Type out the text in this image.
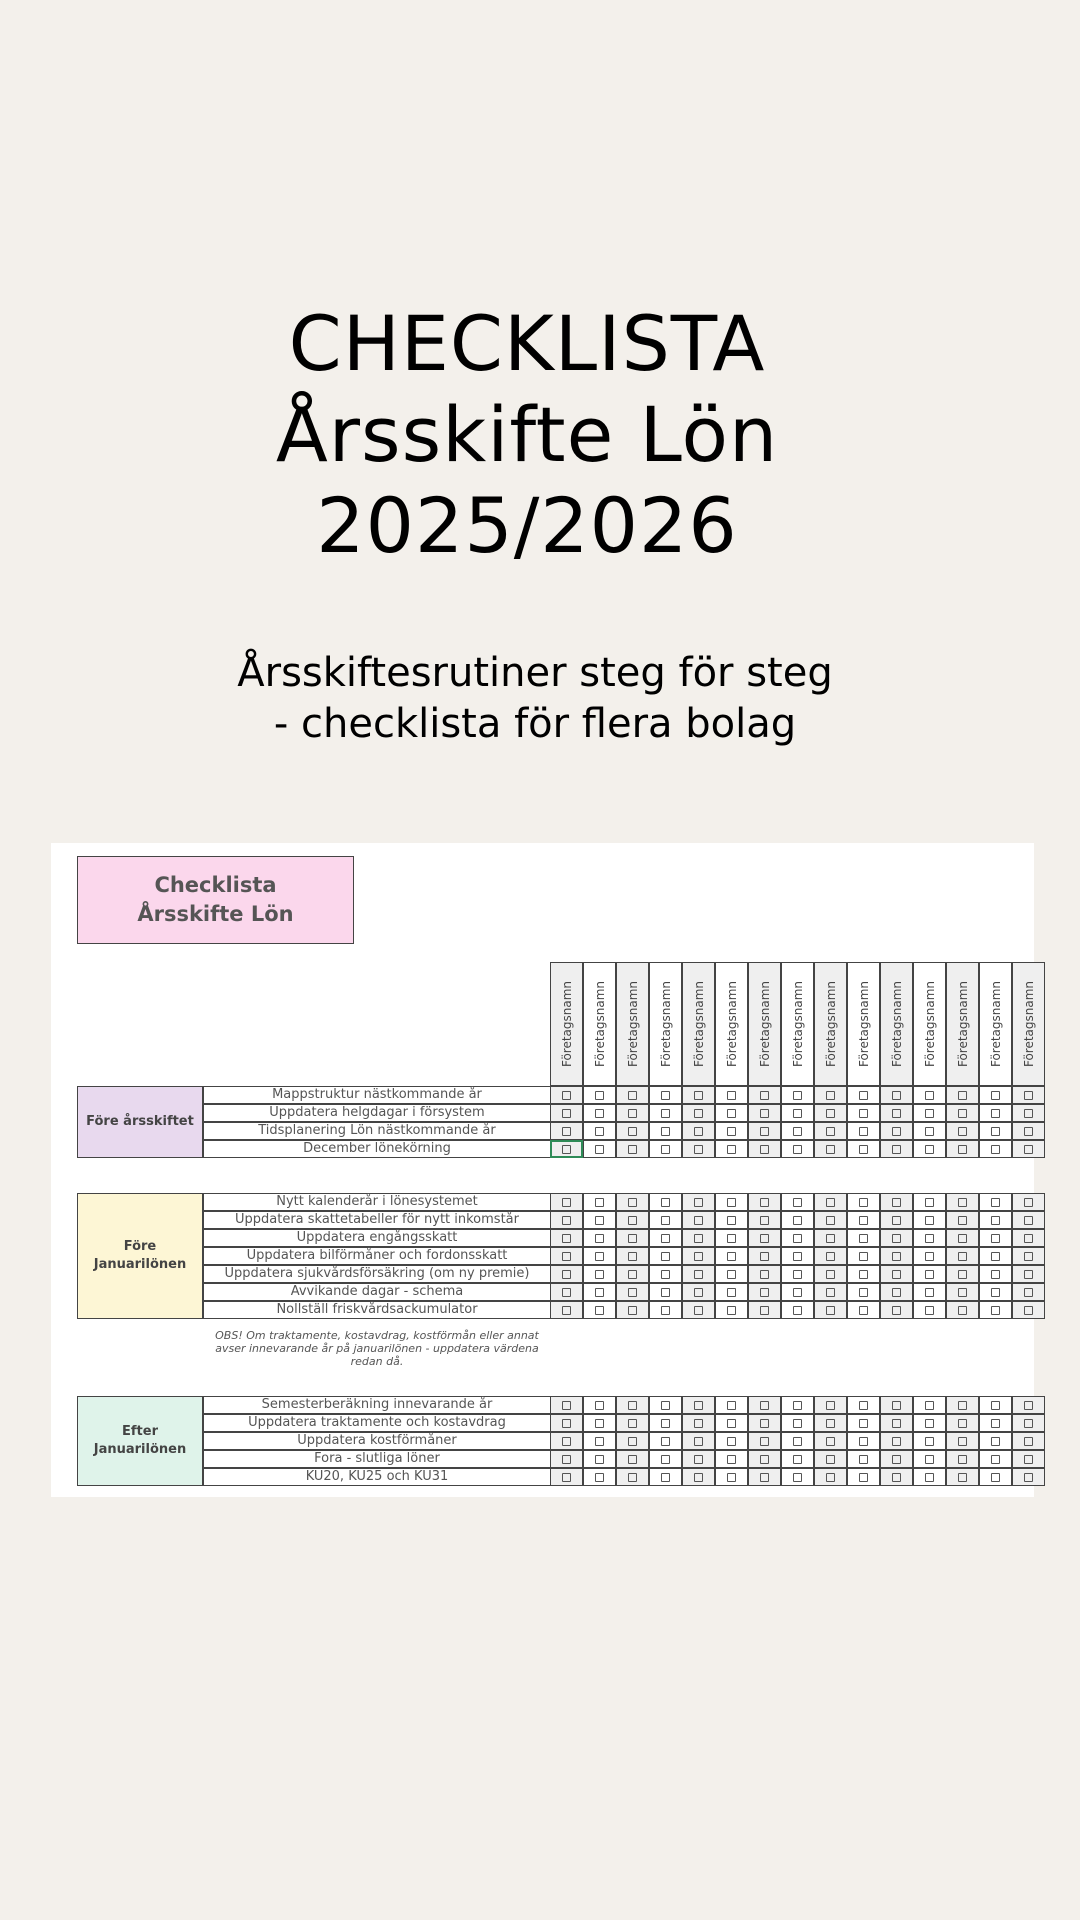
CHECKLISTA
Årsskifte Lön
2025/2026
Årsskiftesrutiner steg för steg
- checklista för flera bolag
Checklista Årsskifte Lön
Företagsnamn Företagsnamn Företagsnamn Företagsnamn Företagsnamn Företagsnamn Företagsnamn Företagsnamn Företagsnamn Företagsnamn Företagsnamn Företagsnamn Företagsnamn Företagsnamn Företagsnamn
Före årsskiftet
Mappstruktur nästkommande år
Uppdatera helgdagar i försystem
Tidsplanering Lön nästkommande år
December lönekörning
Före Januarilönen
Nytt kalenderår i lönesystemet
Uppdatera skattetabeller för nytt inkomstår
Uppdatera engångsskatt
Uppdatera bilförmåner och fordonsskatt
Uppdatera sjukvårdsförsäkring (om ny premie)
Avvikande dagar - schema
Nollställ friskvårdsackumulator
Efter Januarilönen
Semesterberäkning innevarande år
Uppdatera traktamente och kostavdrag
Uppdatera kostförmåner
Fora - slutliga löner
KU20, KU25 och KU31
OBS! Om traktamente, kostavdrag, kostförmån eller annat avser innevarande år på januarilönen - uppdatera värdena redan då.
